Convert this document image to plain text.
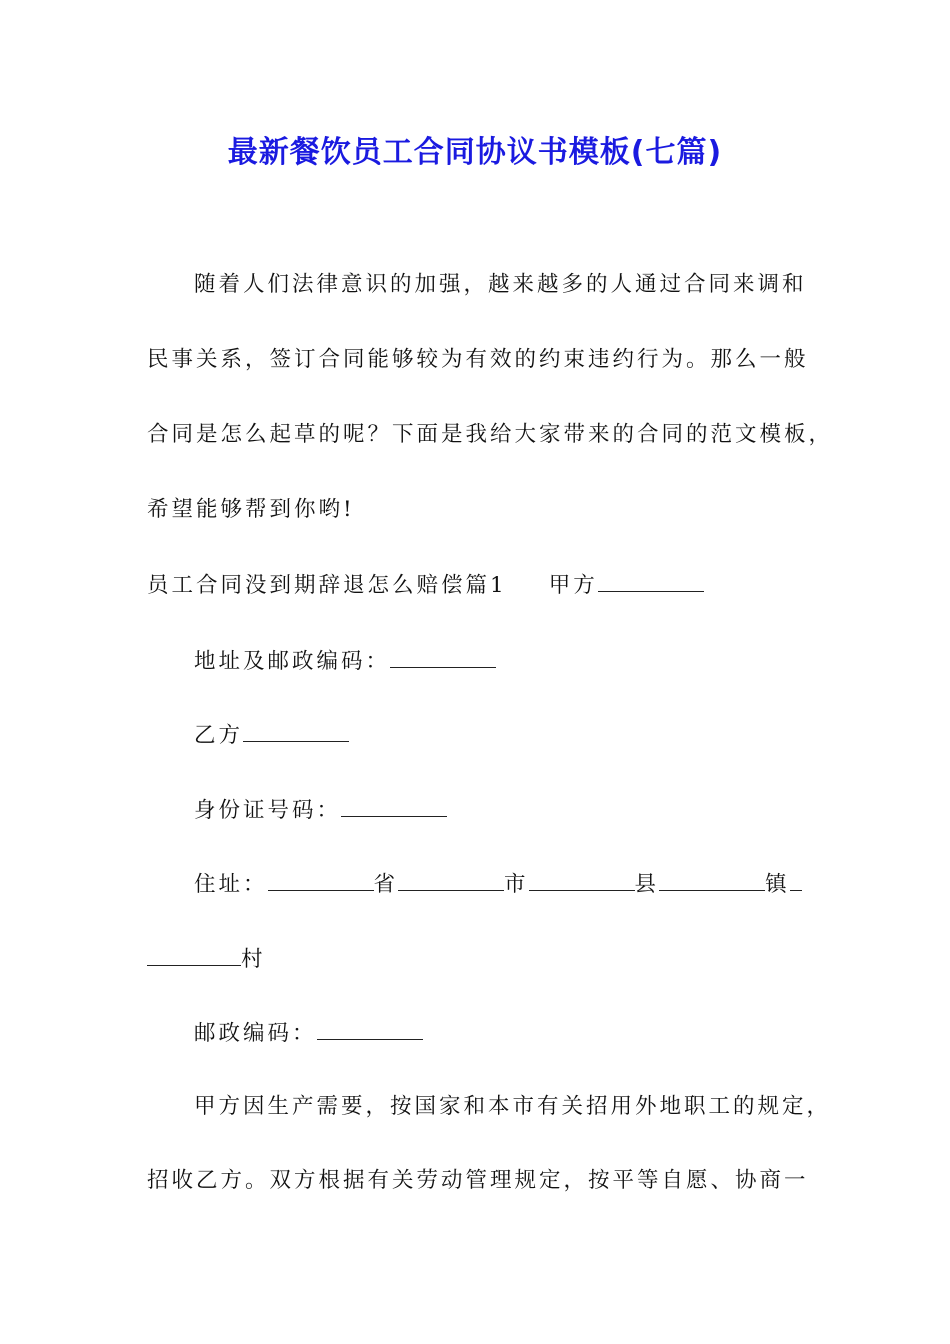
最新餐饮员工合同协议书模板(七篇)
随着人们法律意识的加强，越来越多的人通过合同来调和
民事关系，签订合同能够较为有效的约束违约行为。那么一般
合同是怎么起草的呢？下面是我给大家带来的合同的范文模板，
希望能够帮到你哟!
员工合同没到期辞退怎么赔偿篇1 甲方
地址及邮政编码：
乙方
身份证号码：
住址：	省	市	县	镇
村
邮政编码：
甲方因生产需要，按国家和本市有关招用外地职工的规定，
招收乙方。双方根据有关劳动管理规定，按平等自愿、协商一
